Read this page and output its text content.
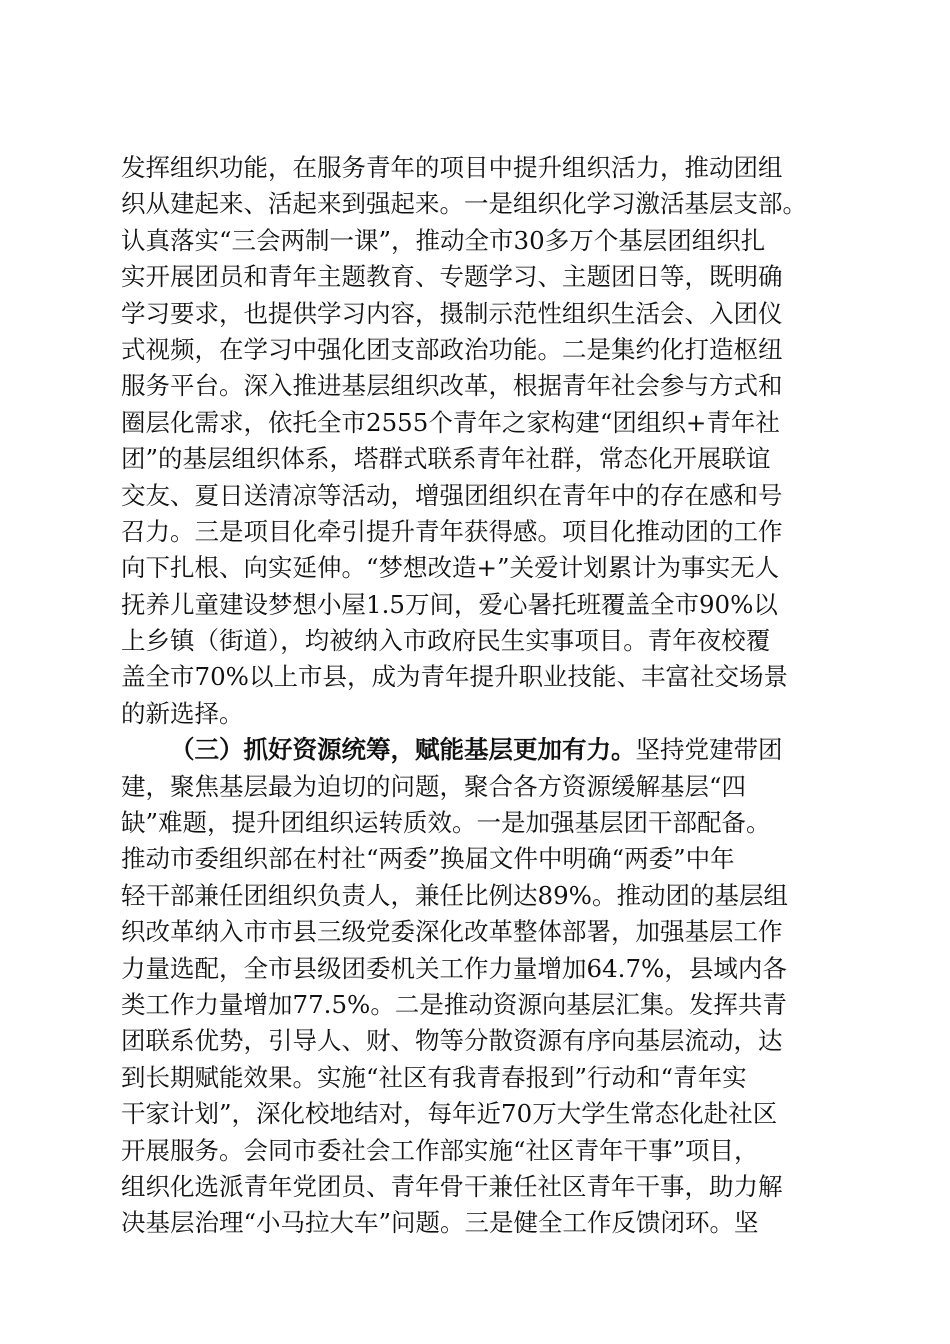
发挥组织功能，在服务青年的项目中提升组织活力，推动团组
织从建起来、活起来到强起来。一是组织化学习激活基层支部。
认真落实“三会两制一课”，推动全市30多万个基层团组织扎
实开展团员和青年主题教育、专题学习、主题团日等，既明确
学习要求，也提供学习内容，摄制示范性组织生活会、入团仪
式视频，在学习中强化团支部政治功能。二是集约化打造枢纽
服务平台。深入推进基层组织改革，根据青年社会参与方式和
圈层化需求，依托全市2555个青年之家构建“团组织+青年社
团”的基层组织体系，塔群式联系青年社群，常态化开展联谊
交友、夏日送清凉等活动，增强团组织在青年中的存在感和号
召力。三是项目化牵引提升青年获得感。项目化推动团的工作
向下扎根、向实延伸。“梦想改造+”关爱计划累计为事实无人
抚养儿童建设梦想小屋1.5万间，爱心暑托班覆盖全市90%以
上乡镇（街道），均被纳入市政府民生实事项目。青年夜校覆
盖全市70%以上市县，成为青年提升职业技能、丰富社交场景
的新选择。
（三）抓好资源统筹，赋能基层更加有力。坚持党建带团
建，聚焦基层最为迫切的问题，聚合各方资源缓解基层“四
缺”难题，提升团组织运转质效。一是加强基层团干部配备。
推动市委组织部在村社“两委”换届文件中明确“两委”中年
轻干部兼任团组织负责人，兼任比例达89%。推动团的基层组
织改革纳入市市县三级党委深化改革整体部署，加强基层工作
力量选配，全市县级团委机关工作力量增加64.7%，县域内各
类工作力量增加77.5%。二是推动资源向基层汇集。发挥共青
团联系优势，引导人、财、物等分散资源有序向基层流动，达
到长期赋能效果。实施“社区有我青春报到”行动和“青年实
干家计划”，深化校地结对，每年近70万大学生常态化赴社区
开展服务。会同市委社会工作部实施“社区青年干事”项目，
组织化选派青年党团员、青年骨干兼任社区青年干事，助力解
决基层治理“小马拉大车”问题。三是健全工作反馈闭环。坚
